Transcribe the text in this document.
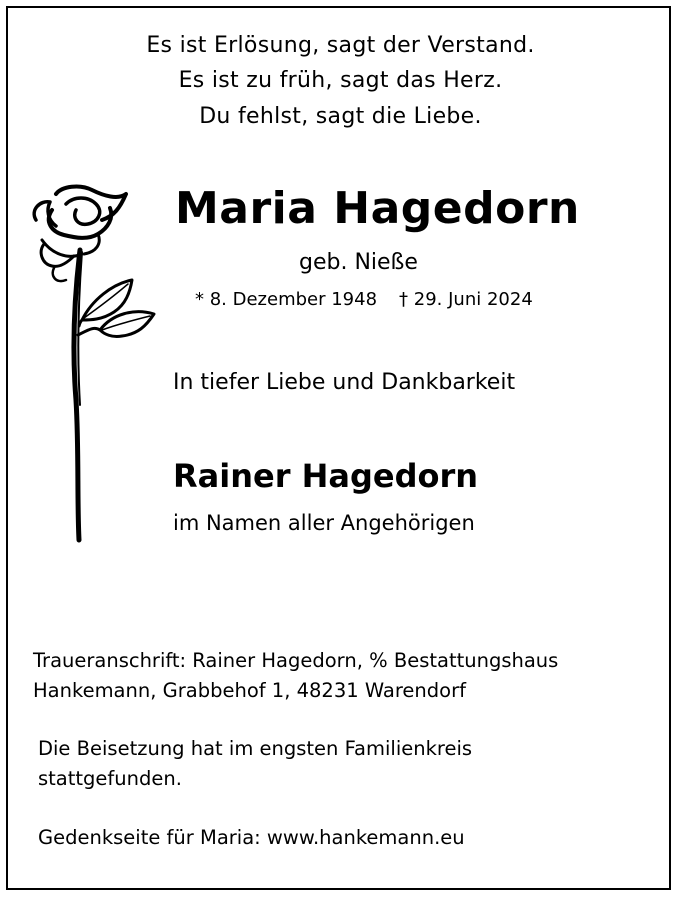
Es ist Erlösung, sagt der Verstand.
Es ist zu früh, sagt das Herz.
Du fehlst, sagt die Liebe.
Maria Hagedorn
geb. Nieße
* 8. Dezember 1948 † 29. Juni 2024
In tiefer Liebe und Dankbarkeit
Rainer Hagedorn
im Namen aller Angehörigen
Traueranschrift: Rainer Hagedorn, % Bestattungshaus
Hankemann, Grabbehof 1, 48231 Warendorf
Die Beisetzung hat im engsten Familienkreis
stattgefunden.
Gedenkseite für Maria: www.hankemann.eu
